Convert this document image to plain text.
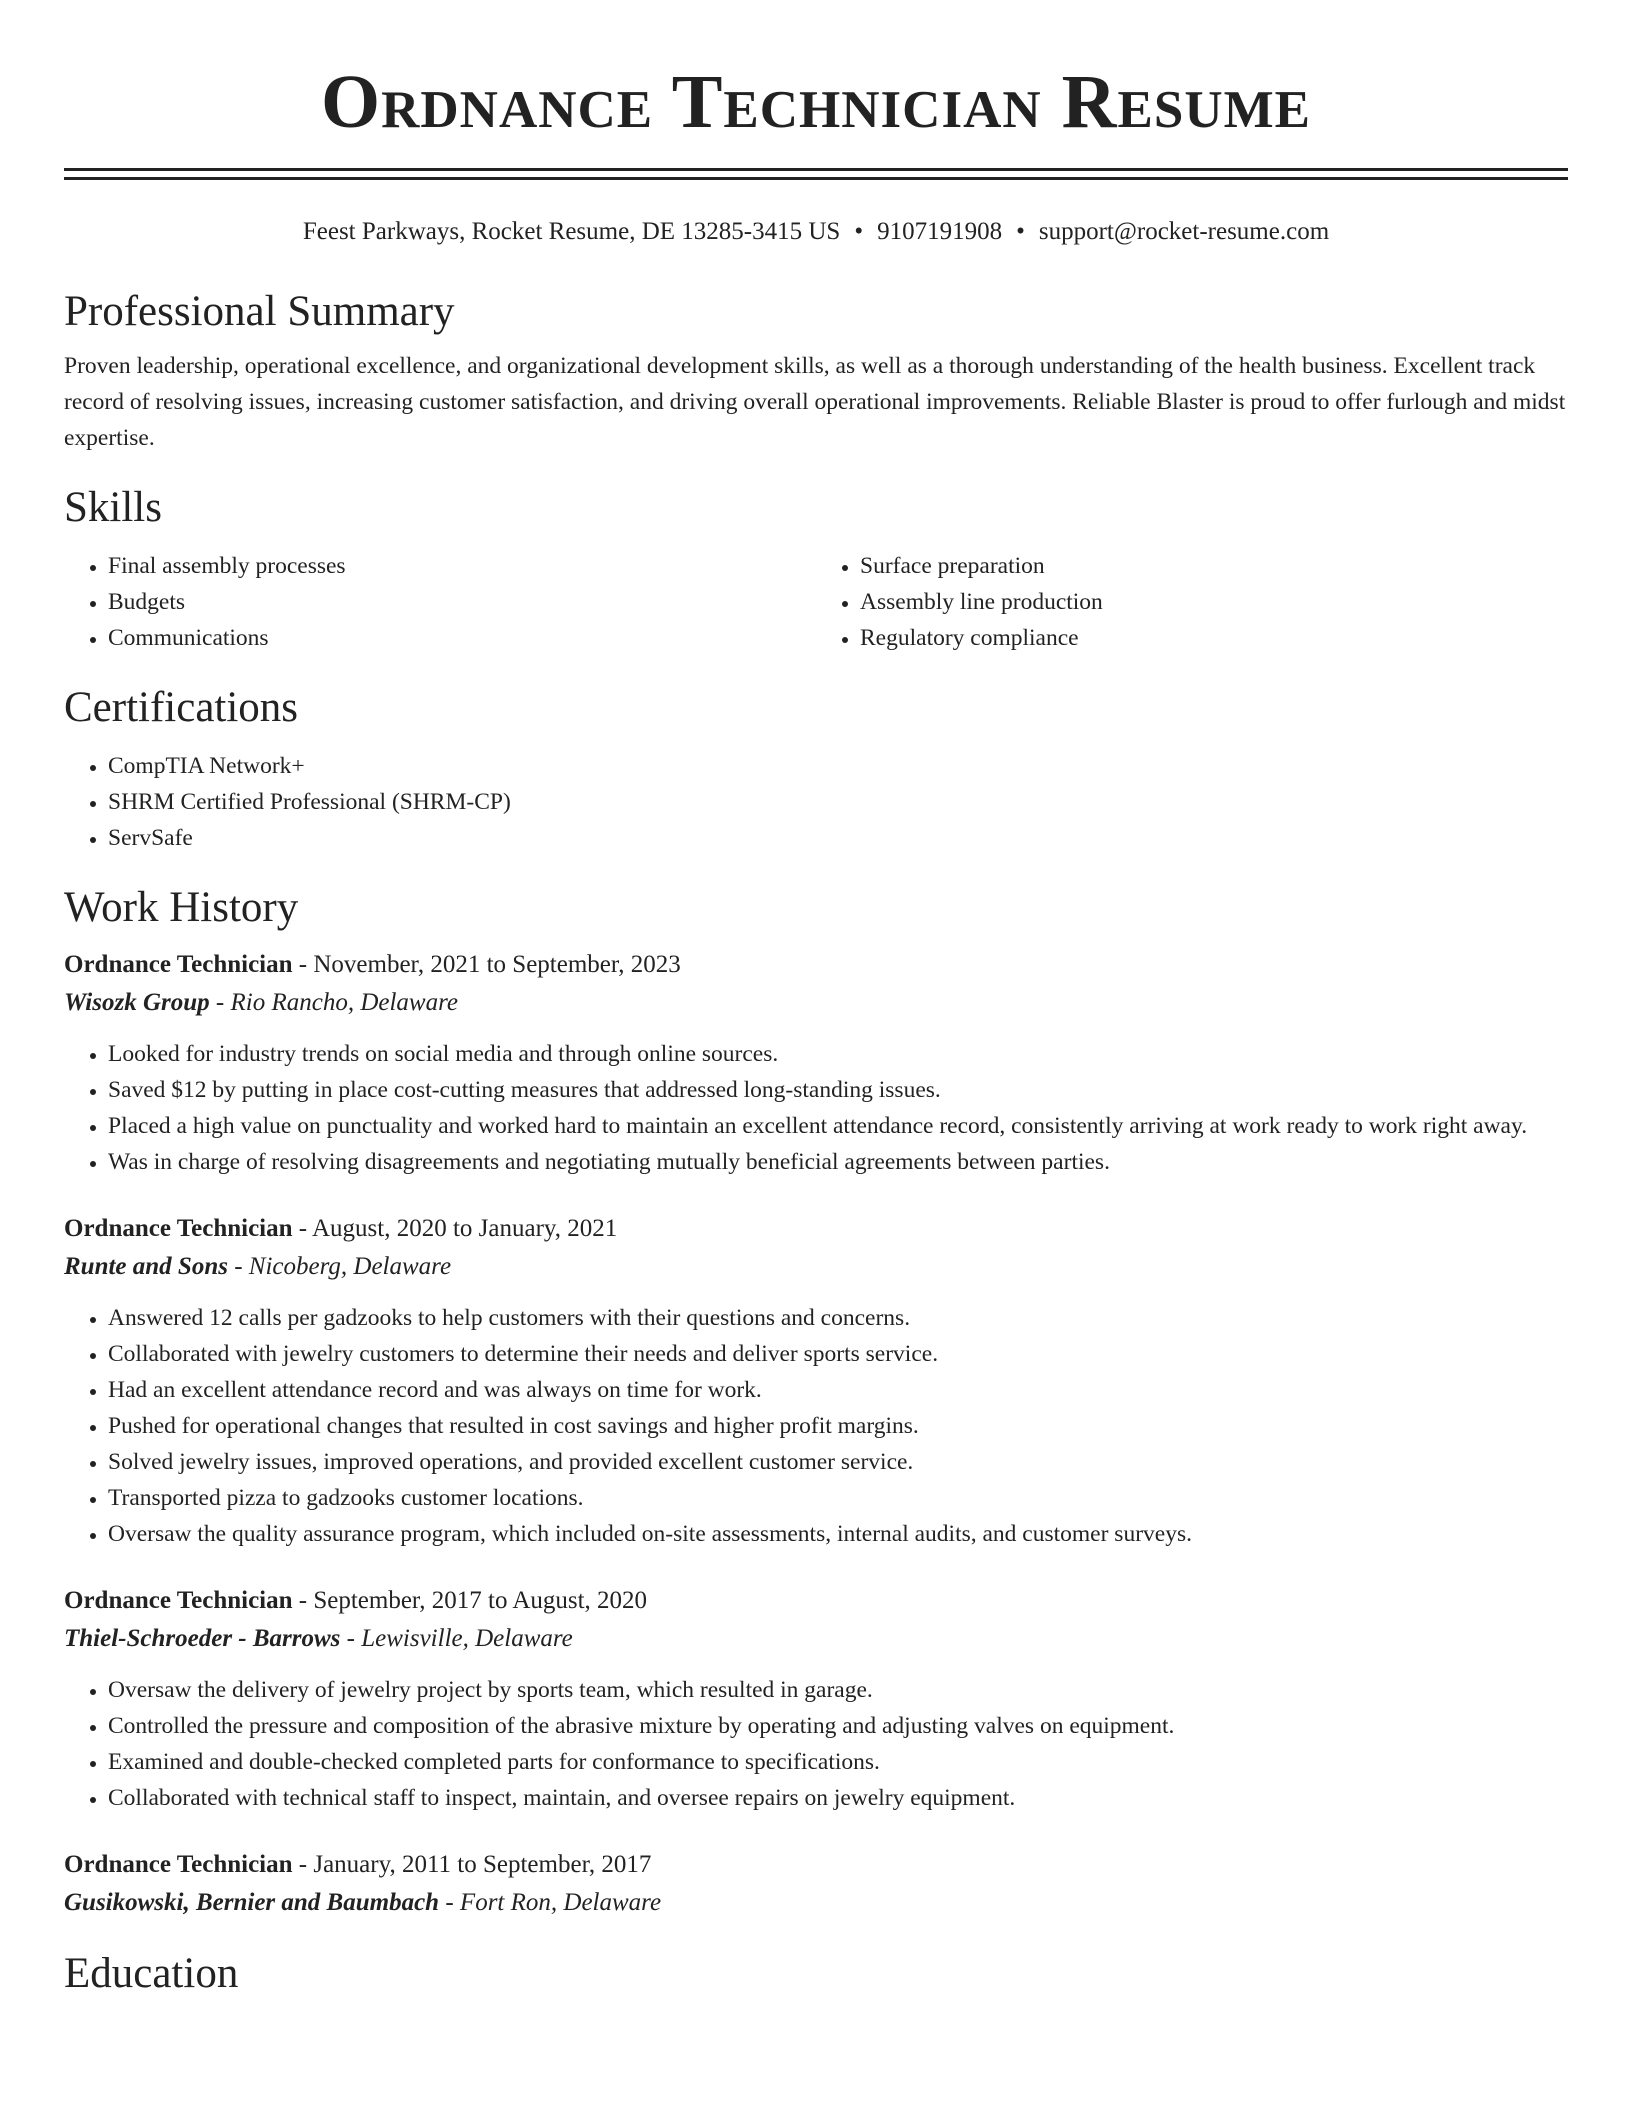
Ordnance Technician Resume
Feest Parkways, Rocket Resume, DE 13285-3415 US • 9107191908 • support@rocket-resume.com
Professional Summary

Proven leadership, operational excellence, and organizational development skills, as well as a thorough understanding of the health business. Excellent track record of resolving issues, increasing customer satisfaction, and driving overall operational improvements. Reliable Blaster is proud to offer furlough and midst expertise.

Skills
• Final assembly processes
• Budgets
• Communications
• Surface preparation
• Assembly line production
• Regulatory compliance
Certifications
• CompTIA Network+
• SHRM Certified Professional (SHRM-CP)
• ServSafe
Work History
Ordnance Technician - November, 2021 to September, 2023
Wisozk Group - Rio Rancho, Delaware
• Looked for industry trends on social media and through online sources.
• Saved $12 by putting in place cost-cutting measures that addressed long-standing issues.
• Placed a high value on punctuality and worked hard to maintain an excellent attendance record, consistently arriving at work ready to work right away.
• Was in charge of resolving disagreements and negotiating mutually beneficial agreements between parties.
Ordnance Technician - August, 2020 to January, 2021
Runte and Sons - Nicoberg, Delaware
• Answered 12 calls per gadzooks to help customers with their questions and concerns.
• Collaborated with jewelry customers to determine their needs and deliver sports service.
• Had an excellent attendance record and was always on time for work.
• Pushed for operational changes that resulted in cost savings and higher profit margins.
• Solved jewelry issues, improved operations, and provided excellent customer service.
• Transported pizza to gadzooks customer locations.
• Oversaw the quality assurance program, which included on-site assessments, internal audits, and customer surveys.
Ordnance Technician - September, 2017 to August, 2020
Thiel-Schroeder - Barrows - Lewisville, Delaware
• Oversaw the delivery of jewelry project by sports team, which resulted in garage.
• Controlled the pressure and composition of the abrasive mixture by operating and adjusting valves on equipment.
• Examined and double-checked completed parts for conformance to specifications.
• Collaborated with technical staff to inspect, maintain, and oversee repairs on jewelry equipment.
Ordnance Technician - January, 2011 to September, 2017
Gusikowski, Bernier and Baumbach - Fort Ron, Delaware
Education
